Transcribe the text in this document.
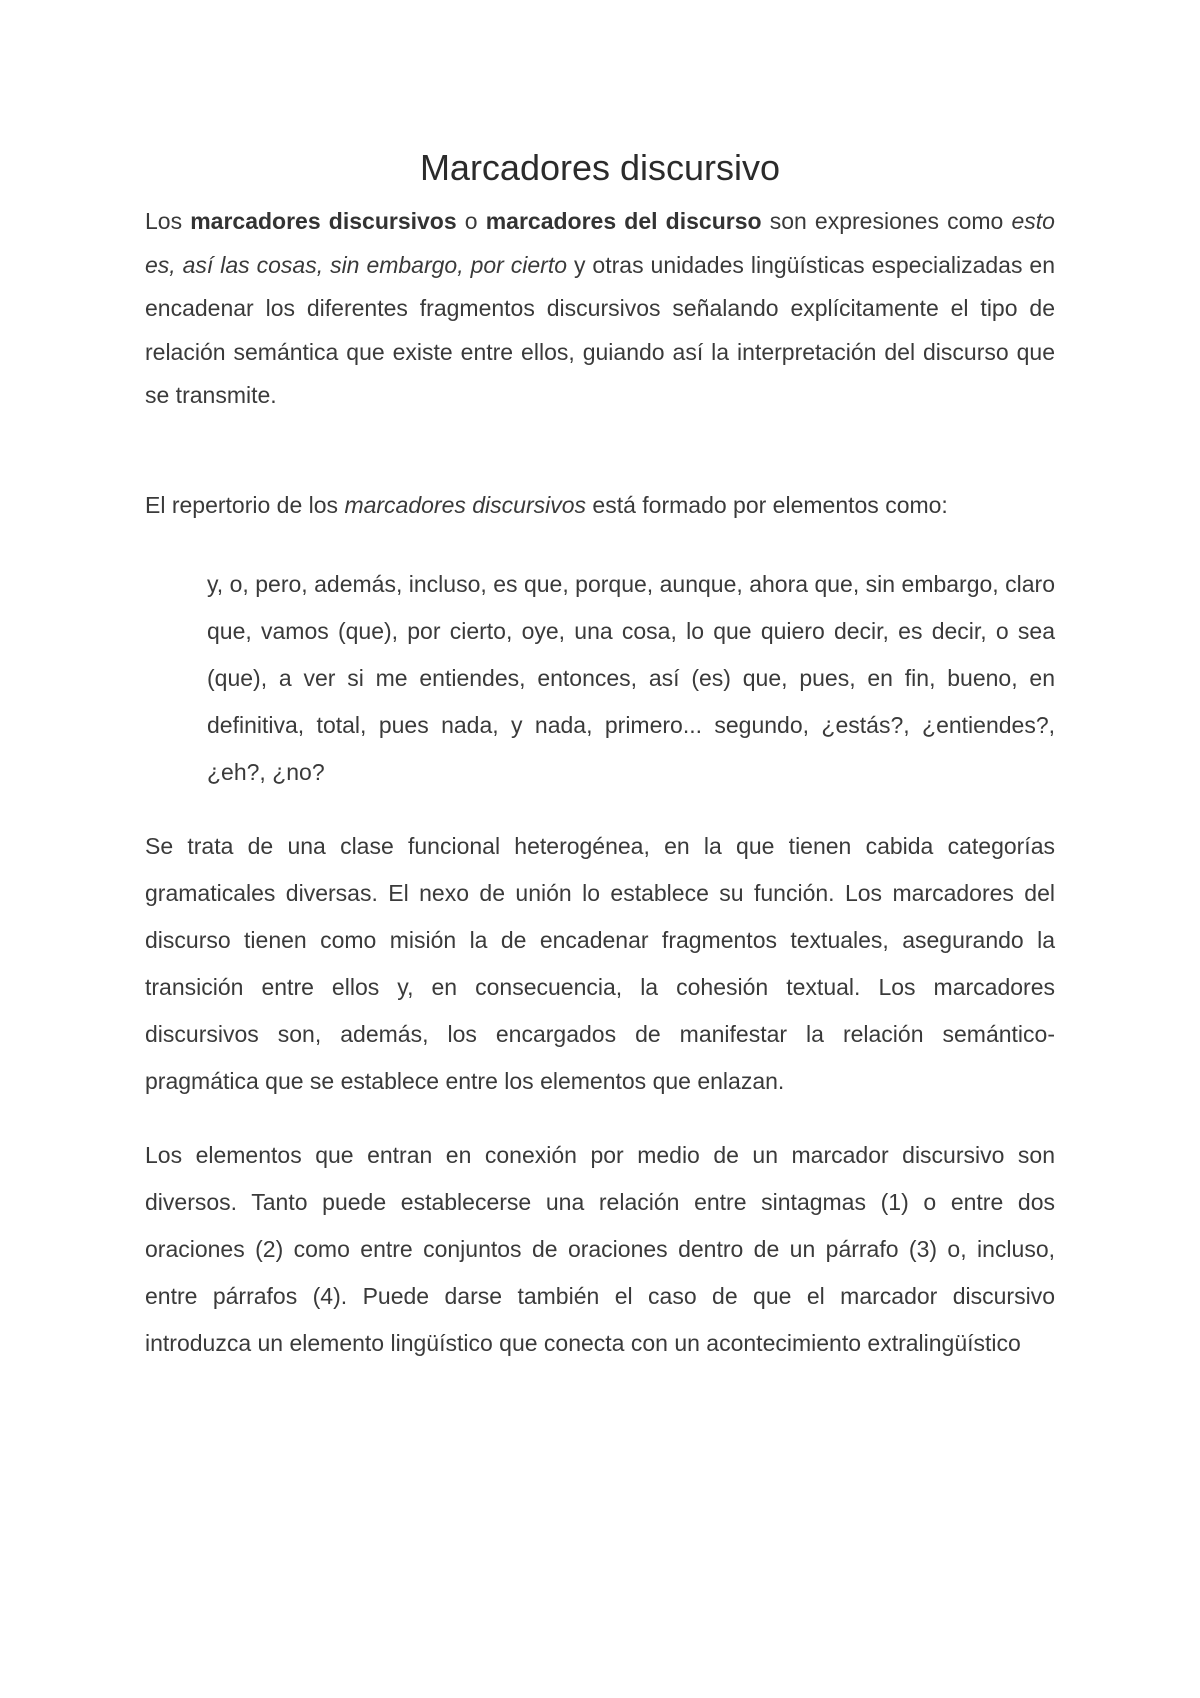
Marcadores discursivo

Los marcadores discursivos o marcadores del discurso son expresiones como esto es, así las cosas, sin embargo, por cierto y otras unidades lingüísticas especializadas en encadenar los diferentes fragmentos discursivos señalando explícitamente el tipo de relación semántica que existe entre ellos, guiando así la interpretación del discurso que se transmite.

El repertorio de los marcadores discursivos está formado por elementos como:

y, o, pero, además, incluso, es que, porque, aunque, ahora que, sin embargo, claro que, vamos (que), por cierto, oye, una cosa, lo que quiero decir, es decir, o sea (que), a ver si me entiendes, entonces, así (es) que, pues, en fin, bueno, en definitiva, total, pues nada, y nada, primero... segundo, ¿estás?, ¿entiendes?, ¿eh?, ¿no?

Se trata de una clase funcional heterogénea, en la que tienen cabida categorías gramaticales diversas. El nexo de unión lo establece su función. Los marcadores del discurso tienen como misión la de encadenar fragmentos textuales, asegurando la transición entre ellos y, en consecuencia, la cohesión textual. Los marcadores discursivos son, además, los encargados de manifestar la relación semántico-pragmática que se establece entre los elementos que enlazan.

Los elementos que entran en conexión por medio de un marcador discursivo son diversos. Tanto puede establecerse una relación entre sintagmas (1) o entre dos oraciones (2) como entre conjuntos de oraciones dentro de un párrafo (3) o, incluso, entre párrafos (4). Puede darse también el caso de que el marcador discursivo introduzca un elemento lingüístico que conecta con un acontecimiento extralingüístico
